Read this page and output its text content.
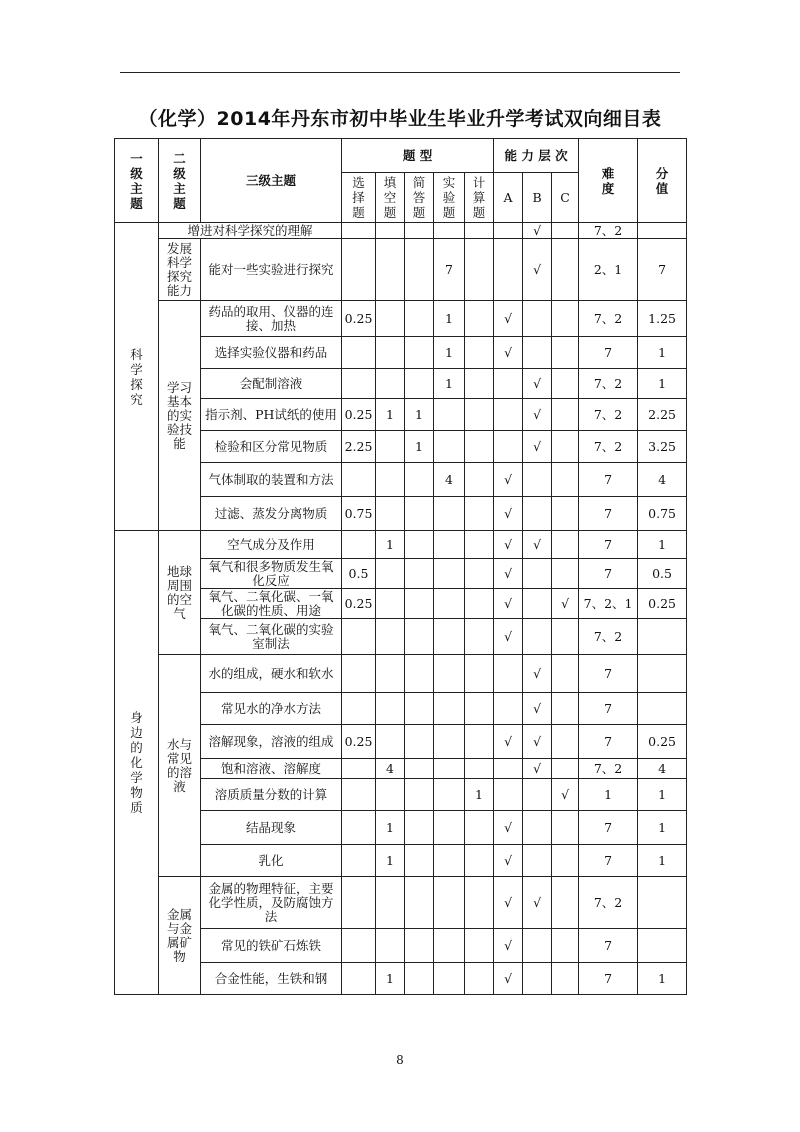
（化学）2014年丹东市初中毕业生毕业升学考试双向细目表
一级主题	二级主题	三级主题	题 型					能 力 层 次			难度	分值
			选择题	填空题	简答题	实验题	计算题	A	B	C		
科学探究	增进对科学探究的理解								√		7、2	
	发展科学探究能力	能对一些实验进行探究				7			√		2、1	7
	学习基本的实验技能	药品的取用、仪器的连接、加热	0.25			1		√			7、2	1.25
		选择实验仪器和药品				1		√			7	1
		会配制溶液				1			√		7、2	1
		指示剂、PH试纸的使用	0.25	1	1				√		7、2	2.25
		检验和区分常见物质	2.25		1				√		7、2	3.25
		气体制取的装置和方法				4		√			7	4
		过滤、蒸发分离物质	0.75					√			7	0.75
身边的化学物质	地球周围的空气	空气成分及作用		1				√	√		7	1
		氧气和很多物质发生氧化反应	0.5					√			7	0.5
		氧气、二氧化碳、一氧化碳的性质、用途	0.25					√		√	7、2、1	0.25
		氧气、二氧化碳的实验室制法						√			7、2	
	水与常见的溶液	水的组成，硬水和软水							√		7	
		常见水的净水方法							√		7	
		溶解现象，溶液的组成	0.25					√	√		7	0.25
		饱和溶液、溶解度		4					√		7、2	4
		溶质质量分数的计算					1			√	1	1
		结晶现象		1				√			7	1
		乳化		1				√			7	1
	金属与金属矿物	金属的物理特征，主要化学性质，及防腐蚀方法						√	√		7、2	
		常见的铁矿石炼铁						√			7	
		合金性能，生铁和钢		1				√			7	1
8
